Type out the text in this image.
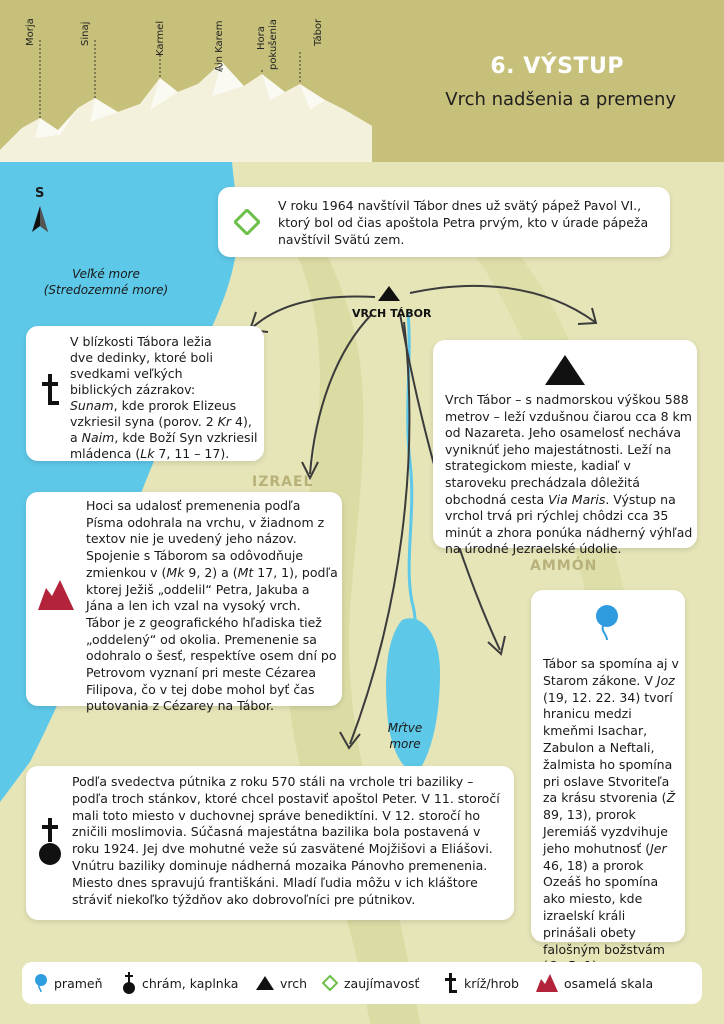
Morja	Sinaj	Karmel	Ain Karem	Hora pokušenia	Tábor
6. VÝSTUP
Vrch nadšenia a premeny
Veľké more
(Stredozemné more)
Mŕtve
more
IZRAEL
AMMÓN
VRCH TÁBOR
S

V roku 1964 navštívil Tábor dnes už svätý pápež Pavol VI., ktorý bol od čias apoštola Petra prvým, kto v úrade pápeža navštívil Svätú zem.

V blízkosti Tábora ležia
dve dedinky, ktoré boli
svedkami veľkých
biblických zázrakov:
Sunam, kde prorok Elizeus
vzkriesil syna (porov. 2 Kr 4),
a Naim, kde Boží Syn vzkriesil
mládenca (Lk 7, 11 – 17).

Vrch Tábor – s nadmorskou výškou 588 metrov – leží vzdušnou čiarou cca 8 km od Nazareta. Jeho osamelosť necháva vyniknúť jeho majestátnosti. Leží na strategickom mieste, kadiaľ v staroveku prechádzala dôležitá obchodná cesta Via Maris. Výstup na vrchol trvá pri rýchlej chôdzi cca 35 minút a zhora ponúka nádherný výhľad na úrodné Jezraelské údolie.

Hoci sa udalosť premenenia podľa Písma odohrala na vrchu, v žiadnom z textov nie je uvedený jeho názov. Spojenie s Táborom sa odôvodňuje zmienkou v (Mk 9, 2) a (Mt 17, 1), podľa ktorej Ježiš „oddelil“ Petra, Jakuba a Jána a len ich vzal na vysoký vrch. Tábor je z geografického hľadiska tiež „oddelený“ od okolia. Premenenie sa odohralo o šesť, respektíve osem dní po Petrovom vyznaní pri meste Cézarea Filipova, čo v tej dobe mohol byť čas putovania z Cézarey na Tábor.

Tábor sa spomína aj v Starom zákone. V Joz (19, 12. 22. 34) tvorí hranicu medzi kmeňmi Isachar, Zabulon a Neftali, žalmista ho spomína pri oslave Stvoriteľa za krásu stvorenia (Ž 89, 13), prorok Jeremiáš vyzdvihuje jeho mohutnosť (Jer 46, 18) a prorok Ozeáš ho spomína ako miesto, kde izraelskí králi prinášali obety falošným božstvám

Podľa svedectva pútnika z roku 570 stáli na vrchole tri baziliky – podľa troch stánkov, ktoré chcel postaviť apoštol Peter. V 11. storočí mali toto miesto v duchovnej správe benediktíni. V 12. storočí ho zničili moslimovia. Súčasná majestátna bazilika bola postavená v roku 1924. Jej dve mohutné veže sú zasvätené Mojžišovi a Eliášovi. Vnútru baziliky dominuje nádherná mozaika Pánovho premenenia. Miesto dnes spravujú františkáni. Mladí ľudia môžu v ich kláštore stráviť niekoľko týždňov ako dobrovoľníci pre pútnikov.

prameň	chrám, kaplnka	vrch	zaujímavosť	kríž/hrob	osamelá skala
